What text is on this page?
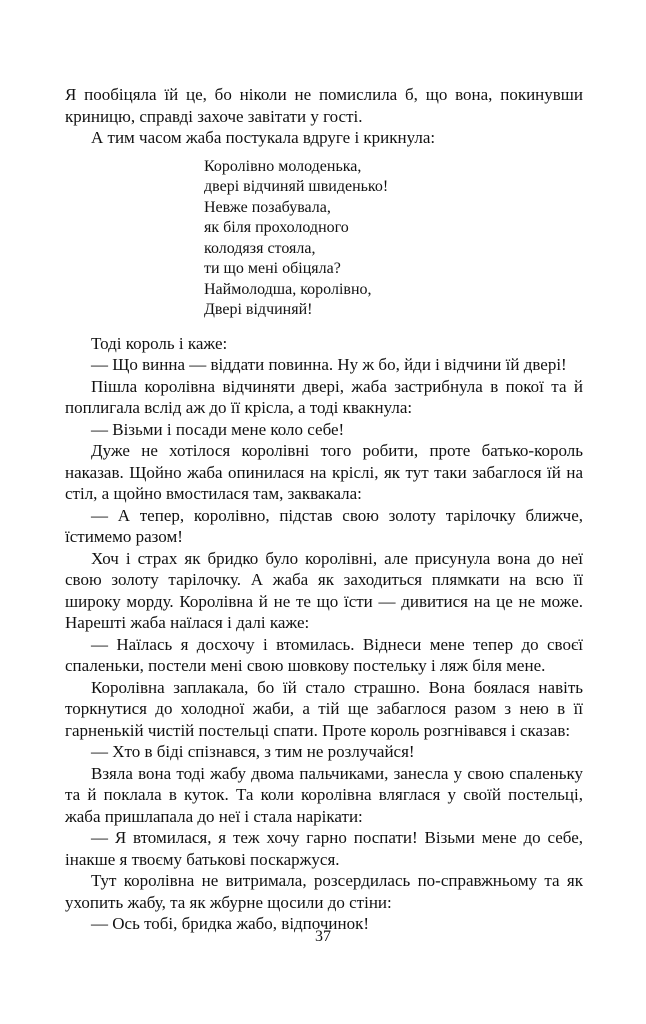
Я пообіцяла їй це, бо ніколи не помислила б, що вона, покинувши криницю, справді захоче завітати у гості.

А тим часом жаба постукала вдруге і крикнула:

Королівно молоденька,
двері відчиняй швиденько!
Невже позабувала,
як біля прохолодного
колодязя стояла,
ти що мені обіцяла?
Наймолодша, королівно,
Двері відчиняй!

Тоді король і каже:

— Що винна — віддати повинна. Ну ж бо, йди і відчини їй двері!

Пішла королівна відчиняти двері, жаба застрибнула в покої та й поплигала вслід аж до її крісла, а тоді квакнула:

— Візьми і посади мене коло себе!

Дуже не хотілося королівні того робити, проте батько-король наказав. Щойно жаба опинилася на кріслі, як тут таки забаглося їй на стіл, а щойно вмостилася там, заквакала:

— А тепер, королівно, підстав свою золоту тарілочку ближче, їстимемо разом!

Хоч і страх як бридко було королівні, але присунула вона до неї свою золоту тарілочку. А жаба як заходиться плямкати на всю її широку морду. Королівна й не те що їсти — дивитися на це не може. Нарешті жаба наїлася і далі каже:

— Наїлась я досхочу і втомилась. Віднеси мене тепер до своєї спаленьки, постели мені свою шовкову постельку і ляж біля мене.

Королівна заплакала, бо їй стало страшно. Вона боялася навіть торкнутися до холодної жаби, а тій ще забаглося разом з нею в її гарненькій чистій постельці спати. Проте король розгнівався і сказав:

— Хто в біді спізнався, з тим не розлучайся!

Взяла вона тоді жабу двома пальчиками, занесла у свою спаленьку та й поклала в куток. Та коли королівна вляглася у своїй постельці, жаба пришлапала до неї і стала нарікати:

— Я втомилася, я теж хочу гарно поспати! Візьми мене до себе, інакше я твоєму батькові поскаржуся.

Тут королівна не витримала, розсердилась по-справжньому та як ухопить жабу, та як жбурне щосили до стіни:

— Ось тобі, бридка жабо, відпочинок!

37
